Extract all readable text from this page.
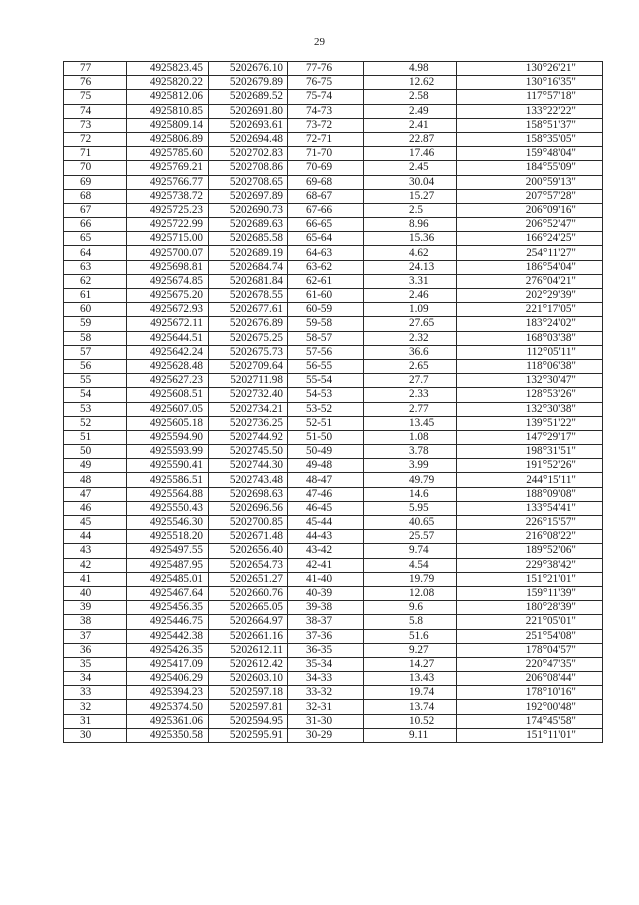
29
77	4925823.45	5202676.10	77-76	4.98	130°26'21"
76	4925820.22	5202679.89	76-75	12.62	130°16'35"
75	4925812.06	5202689.52	75-74	2.58	117°57'18"
74	4925810.85	5202691.80	74-73	2.49	133°22'22"
73	4925809.14	5202693.61	73-72	2.41	158°51'37"
72	4925806.89	5202694.48	72-71	22.87	158°35'05"
71	4925785.60	5202702.83	71-70	17.46	159°48'04"
70	4925769.21	5202708.86	70-69	2.45	184°55'09"
69	4925766.77	5202708.65	69-68	30.04	200°59'13"
68	4925738.72	5202697.89	68-67	15.27	207°57'28"
67	4925725.23	5202690.73	67-66	2.5	206°09'16"
66	4925722.99	5202689.63	66-65	8.96	206°52'47"
65	4925715.00	5202685.58	65-64	15.36	166°24'25"
64	4925700.07	5202689.19	64-63	4.62	254°11'27"
63	4925698.81	5202684.74	63-62	24.13	186°54'04"
62	4925674.85	5202681.84	62-61	3.31	276°04'21"
61	4925675.20	5202678.55	61-60	2.46	202°29'39"
60	4925672.93	5202677.61	60-59	1.09	221°17'05"
59	4925672.11	5202676.89	59-58	27.65	183°24'02"
58	4925644.51	5202675.25	58-57	2.32	168°03'38"
57	4925642.24	5202675.73	57-56	36.6	112°05'11"
56	4925628.48	5202709.64	56-55	2.65	118°06'38"
55	4925627.23	5202711.98	55-54	27.7	132°30'47"
54	4925608.51	5202732.40	54-53	2.33	128°53'26"
53	4925607.05	5202734.21	53-52	2.77	132°30'38"
52	4925605.18	5202736.25	52-51	13.45	139°51'22"
51	4925594.90	5202744.92	51-50	1.08	147°29'17"
50	4925593.99	5202745.50	50-49	3.78	198°31'51"
49	4925590.41	5202744.30	49-48	3.99	191°52'26"
48	4925586.51	5202743.48	48-47	49.79	244°15'11"
47	4925564.88	5202698.63	47-46	14.6	188°09'08"
46	4925550.43	5202696.56	46-45	5.95	133°54'41"
45	4925546.30	5202700.85	45-44	40.65	226°15'57"
44	4925518.20	5202671.48	44-43	25.57	216°08'22"
43	4925497.55	5202656.40	43-42	9.74	189°52'06"
42	4925487.95	5202654.73	42-41	4.54	229°38'42"
41	4925485.01	5202651.27	41-40	19.79	151°21'01"
40	4925467.64	5202660.76	40-39	12.08	159°11'39"
39	4925456.35	5202665.05	39-38	9.6	180°28'39"
38	4925446.75	5202664.97	38-37	5.8	221°05'01"
37	4925442.38	5202661.16	37-36	51.6	251°54'08"
36	4925426.35	5202612.11	36-35	9.27	178°04'57"
35	4925417.09	5202612.42	35-34	14.27	220°47'35"
34	4925406.29	5202603.10	34-33	13.43	206°08'44"
33	4925394.23	5202597.18	33-32	19.74	178°10'16"
32	4925374.50	5202597.81	32-31	13.74	192°00'48"
31	4925361.06	5202594.95	31-30	10.52	174°45'58"
30	4925350.58	5202595.91	30-29	9.11	151°11'01"
